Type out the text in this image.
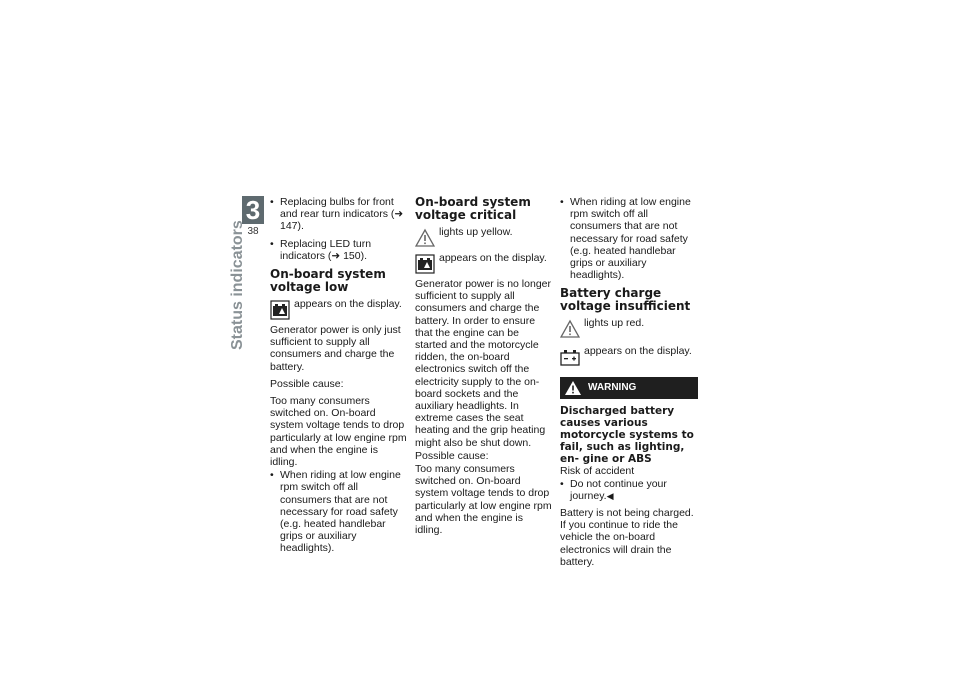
3
38
Status indicators

• Replacing bulbs for front and rear turn indicators (➜ 147).

• Replacing LED turn indicators (➜ 150).

On-board system voltage low
appears on the display.

Generator power is only just sufficient to supply all consumers and charge the battery.

Possible cause:

Too many consumers switched on. On-board system voltage tends to drop particularly at low engine rpm and when the engine is idling.

• When riding at low engine rpm switch off all consumers that are not necessary for road safety (e.g. heated handlebar grips or auxiliary headlights).

On-board system voltage critical
lights up yellow.
appears on the display.

Generator power is no longer sufficient to supply all consumers and charge the battery. In order to ensure that the engine can be started and the motorcycle ridden, the on-board electronics switch off the electricity supply to the on-board sockets and the auxiliary headlights. In extreme cases the seat heating and the grip heating might also be shut down.

Possible cause:

Too many consumers switched on. On-board system voltage tends to drop particularly at low engine rpm and when the engine is idling.

• When riding at low engine rpm switch off all consumers that are not necessary for road safety (e.g. heated handlebar grips or auxiliary headlights).

Battery charge voltage insufficient
lights up red.
appears on the display.
WARNING

Discharged battery causes various motorcycle systems to fail, such as lighting, en- gine or ABS

Risk of accident

• Do not continue your journey.◀

Battery is not being charged. If you continue to ride the vehicle the on-board electronics will drain the battery.
